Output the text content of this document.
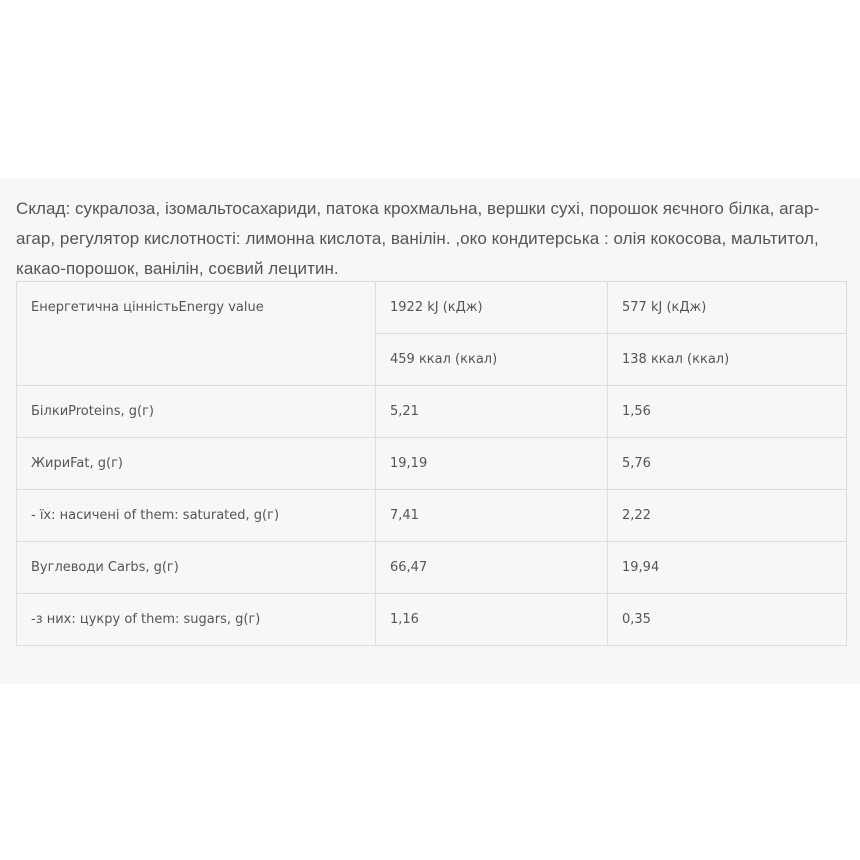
Склад: сукралоза, ізомальтосахариди, патока крохмальна, вершки сухі, порошок яєчного білка, агар-агар, регулятор кислотності: лимонна кислота, ванілін. ,око кондитерська : олія кокосова, мальтитол, какао-порошок, ванілін, соєвий лецитин.

Енергетична цінністьEnergy value	1922 kJ (кДж)	577 kJ (кДж)
	459 ккал (ккал)	138 ккал (ккал)
БілкиProteins, g(г)	5,21	1,56
ЖириFat, g(г)	19,19	5,76
- їх: насичені of them: saturated, g(г)	7,41	2,22
Вуглеводи Carbs, g(г)	66,47	19,94
-з них: цукру of them: sugars, g(г)	1,16	0,35
